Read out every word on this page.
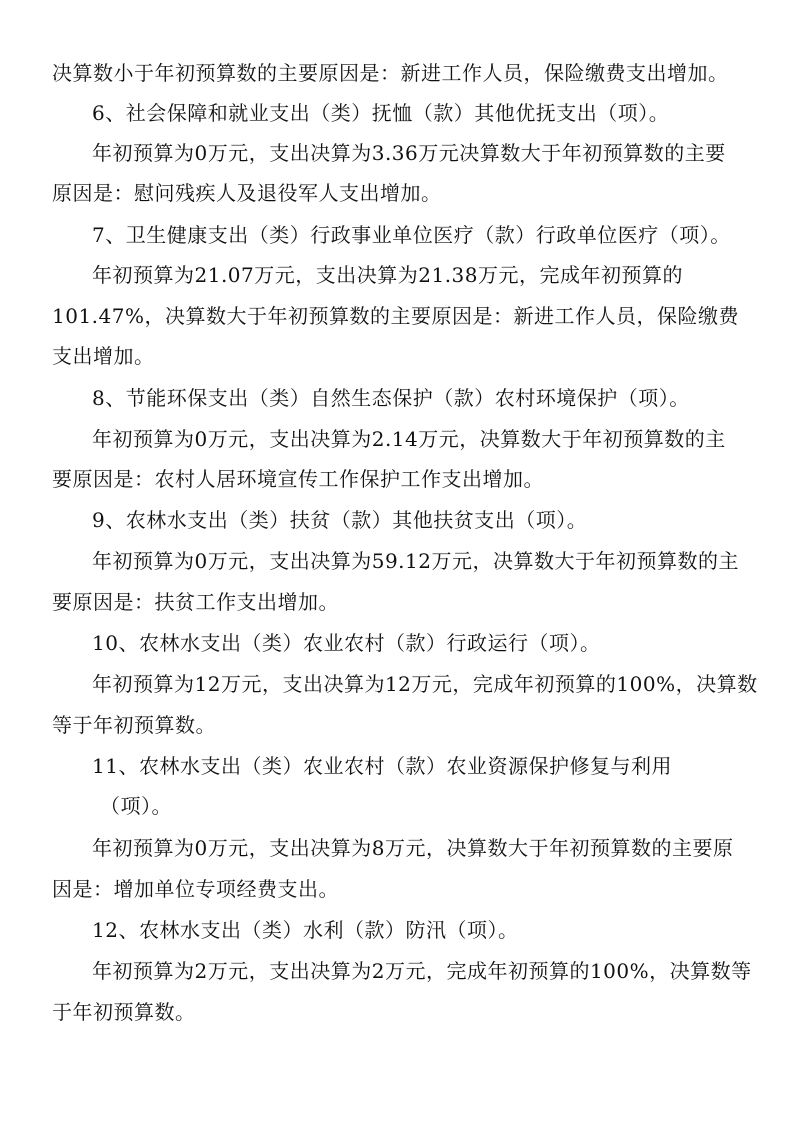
决算数小于年初预算数的主要原因是：新进工作人员，保险缴费支出增加。
6、社会保障和就业支出（类）抚恤（款）其他优抚支出（项）。
年初预算为0万元，支出决算为3.36万元决算数大于年初预算数的主要
原因是：慰问残疾人及退役军人支出增加。
7、卫生健康支出（类）行政事业单位医疗（款）行政单位医疗（项）。
年初预算为21.07万元，支出决算为21.38万元，完成年初预算的
101.47%，决算数大于年初预算数的主要原因是：新进工作人员，保险缴费
支出增加。
8、节能环保支出（类）自然生态保护（款）农村环境保护（项）。
年初预算为0万元，支出决算为2.14万元，决算数大于年初预算数的主
要原因是：农村人居环境宣传工作保护工作支出增加。
9、农林水支出（类）扶贫（款）其他扶贫支出（项）。
年初预算为0万元，支出决算为59.12万元，决算数大于年初预算数的主
要原因是：扶贫工作支出增加。
10、农林水支出（类）农业农村（款）行政运行（项）。
年初预算为12万元，支出决算为12万元，完成年初预算的100%，决算数
等于年初预算数。
11、农林水支出（类）农业农村（款）农业资源保护修复与利用
（项）。
年初预算为0万元，支出决算为8万元，决算数大于年初预算数的主要原
因是：增加单位专项经费支出。
12、农林水支出（类）水利（款）防汛（项）。
年初预算为2万元，支出决算为2万元，完成年初预算的100%，决算数等
于年初预算数。
